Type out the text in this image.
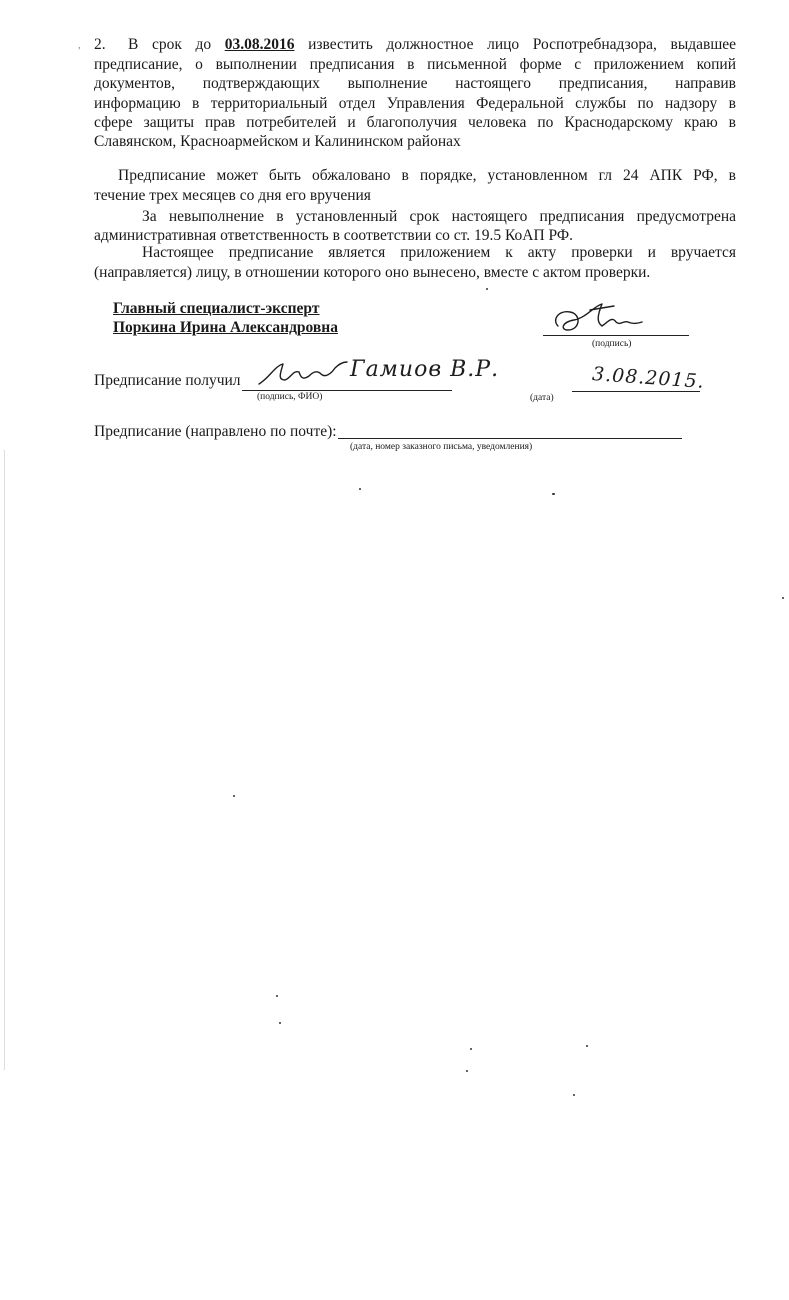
, 2. В срок до 03.08.2016 известить должностное лицо Роспотребнадзора, выдавшее
предписание, о выполнении предписания в письменной форме с приложением копий
документов, подтверждающих выполнение настоящего предписания, направив
информацию в территориальный отдел Управления Федеральной службы по надзору в
сфере защиты прав потребителей и благополучия человека по Краснодарскому краю в
Славянском, Красноармейском и Калининском районах
Предписание может быть обжаловано в порядке, установленном гл 24 АПК РФ, в
течение трех месяцев со дня его вручения
За невыполнение в установленный срок настоящего предписания предусмотрена
административная ответственность в соответствии со ст. 19.5 КоАП РФ.
Настоящее предписание является приложением к акту проверки и вручается
(направляется) лицу, в отношении которого оно вынесено, вместе с актом проверки.
Главный специалист-эксперт
Поркина Ирина Александровна
(подпись)
Предписание получил	Гамиов В.Р.
(подпись, ФИО)
3.08.2015.
(дата)
Предписание (направлено по почте):
(дата, номер заказного письма, уведомления)
